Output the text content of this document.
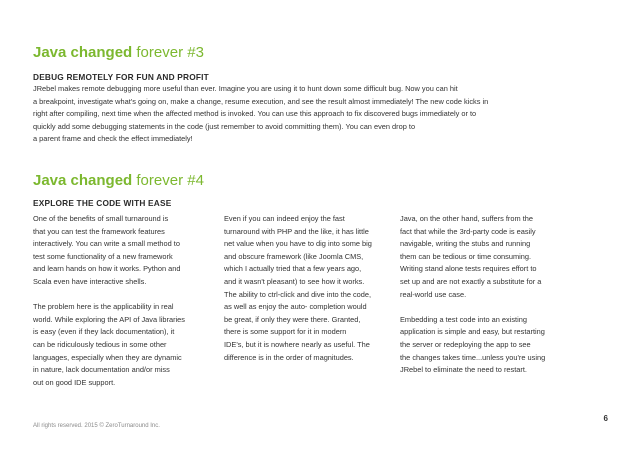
Java changed forever #3
DEBUG REMOTELY FOR FUN AND PROFIT
JRebel makes remote debugging more useful than ever. Imagine you are using it to hunt down some difficult bug. Now you can hit
a breakpoint, investigate what's going on, make a change, resume execution, and see the result almost immediately! The new code kicks in
right after compiling, next time when the affected method is invoked. You can use this approach to fix discovered bugs immediately or to
quickly add some debugging statements in the code (just remember to avoid committing them). You can even drop to
a parent frame and check the effect immediately!
Java changed forever #4
EXPLORE THE CODE WITH EASE
One of the benefits of small turnaround is
that you can test the framework features
interactively. You can write a small method to
test some functionality of a new framework
and learn hands on how it works. Python and
Scala even have interactive shells.
The problem here is the applicability in real
world. While exploring the API of Java libraries
is easy (even if they lack documentation), it
can be ridiculously tedious in some other
languages, especially when they are dynamic
in nature, lack documentation and/or miss
out on good IDE support.
Even if you can indeed enjoy the fast
turnaround with PHP and the like, it has little
net value when you have to dig into some big
and obscure framework (like Joomla CMS,
which I actually tried that a few years ago,
and it wasn't pleasant) to see how it works.
The ability to ctrl-click and dive into the code,
as well as enjoy the auto- completion would
be great, if only they were there. Granted,
there is some support for it in modern
IDE's, but it is nowhere nearly as useful. The
difference is in the order of magnitudes.
Java, on the other hand, suffers from the
fact that while the 3rd-party code is easily
navigable, writing the stubs and running
them can be tedious or time consuming.
Writing stand alone tests requires effort to
set up and are not exactly a substitute for a
real-world use case.
Embedding a test code into an existing
application is simple and easy, but restarting
the server or redeploying the app to see
the changes takes time...unless you're using
JRebel to eliminate the need to restart.
All rights reserved. 2015 © ZeroTurnaround Inc.
6
